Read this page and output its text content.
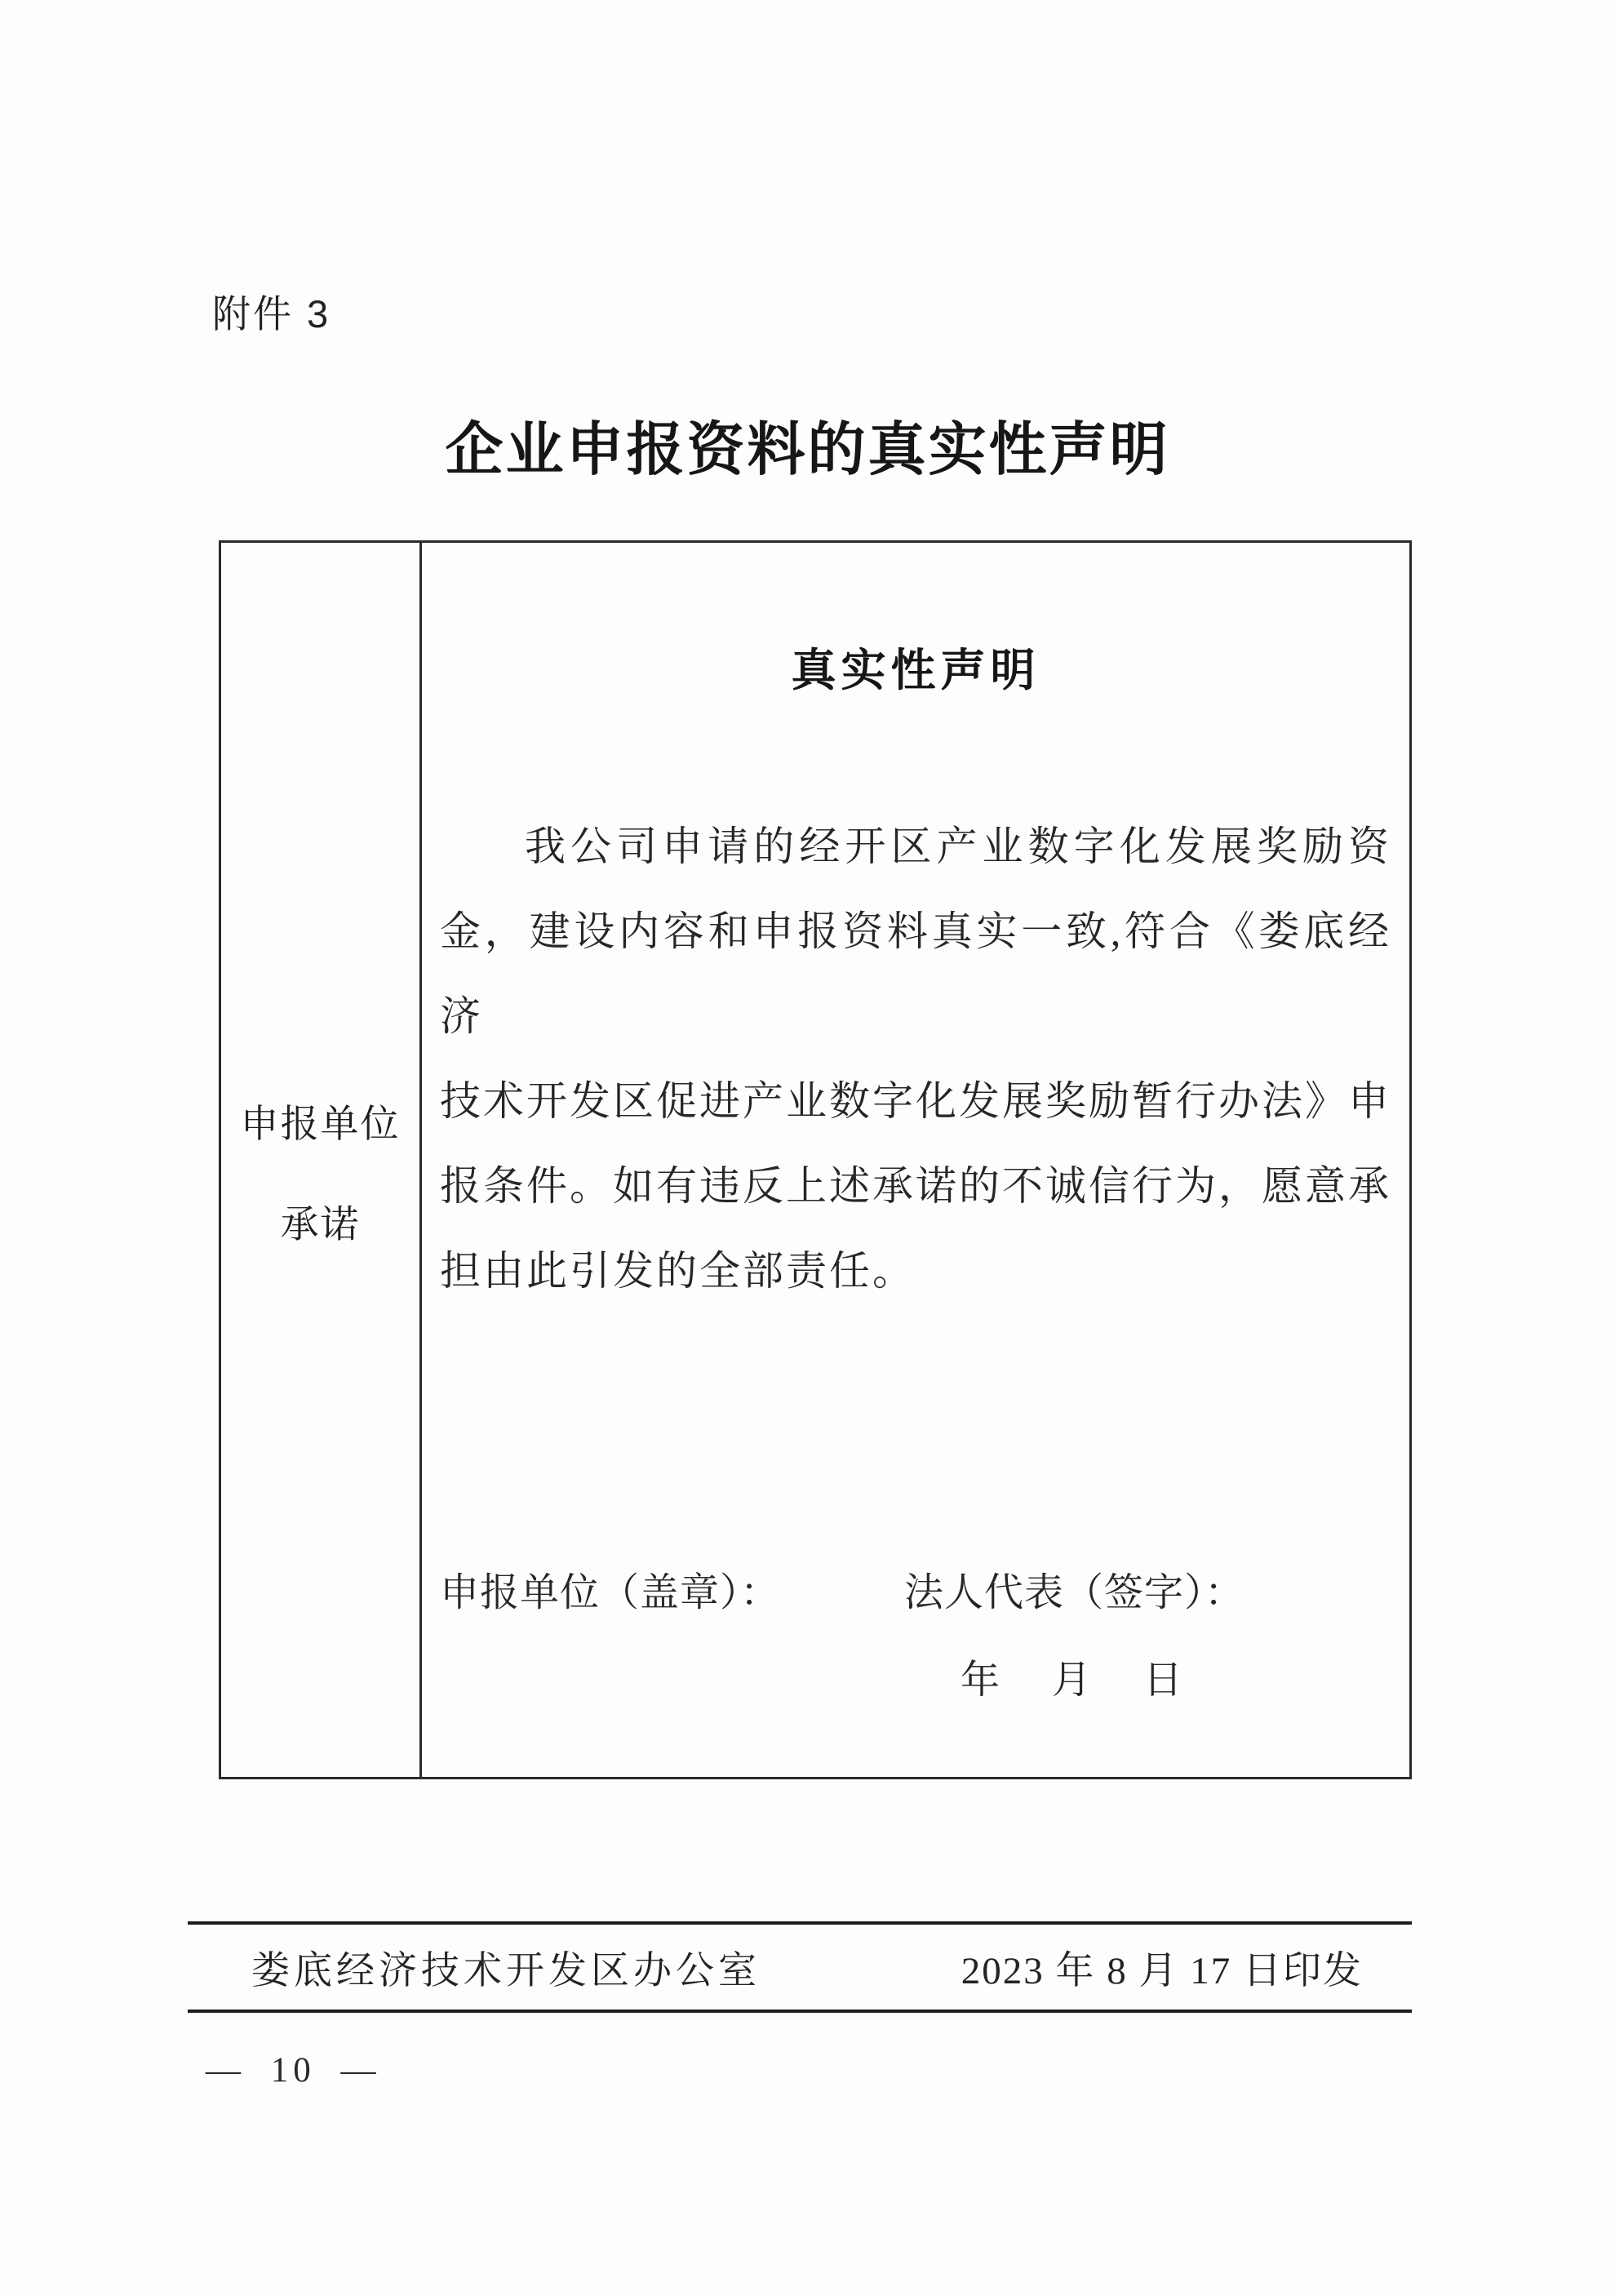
附件 3
企业申报资料的真实性声明
申报单位
承诺
真实性声明
我公司申请的经开区产业数字化发展奖励资
金，建设内容和申报资料真实一致,符合《娄底经济
技术开发区促进产业数字化发展奖励暂行办法》申
报条件。如有违反上述承诺的不诚信行为，愿意承
担由此引发的全部责任。
申报单位（盖章）：	法人代表（签字）：
年　月　日
娄底经济技术开发区办公室	2023 年 8 月 17 日印发
— 10 —
